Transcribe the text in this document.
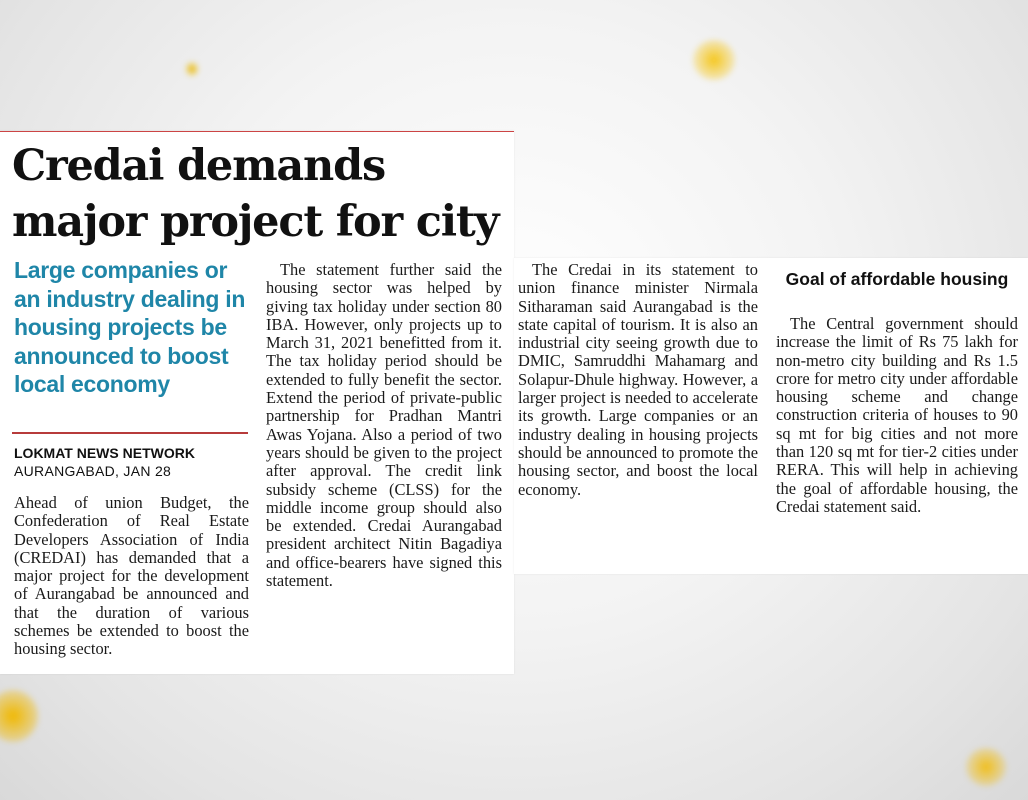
Credai demands major project for city
Large companies or an industry dealing in housing projects be announced to boost local economy
LOKMAT NEWS NETWORK
AURANGABAD, JAN 28

Ahead of union Budget, the Confederation of Real Estate Developers Association of India (CREDAI) has demanded that a major project for the development of Aurangabad be announced and that the duration of various schemes be extended to boost the housing sector.

The statement further said the housing sector was helped by giving tax holiday under section 80 IBA. However, only projects up to March 31, 2021 benefitted from it. The tax holiday period should be extended to fully benefit the sector. Extend the period of private-public partnership for Pradhan Mantri Awas Yojana. Also a period of two years should be given to the project after approval. The credit link subsidy scheme (CLSS) for the middle income group should also be extended. Credai Aurangabad president architect Nitin Bagadiya and office-bearers have signed this statement.

The Credai in its statement to union finance minister Nirmala Sitharaman said Aurangabad is the state capital of tourism. It is also an industrial city seeing growth due to DMIC, Samruddhi Mahamarg and Solapur-Dhule highway. However, a larger project is needed to accelerate its growth. Large companies or an industry dealing in housing projects should be announced to promote the housing sector, and boost the local economy.

Goal of affordable housing

The Central government should increase the limit of Rs 75 lakh for non-metro city building and Rs 1.5 crore for metro city under affordable housing scheme and change construction criteria of houses to 90 sq mt for big cities and not more than 120 sq mt for tier-2 cities under RERA. This will help in achieving the goal of affordable housing, the Credai statement said.
